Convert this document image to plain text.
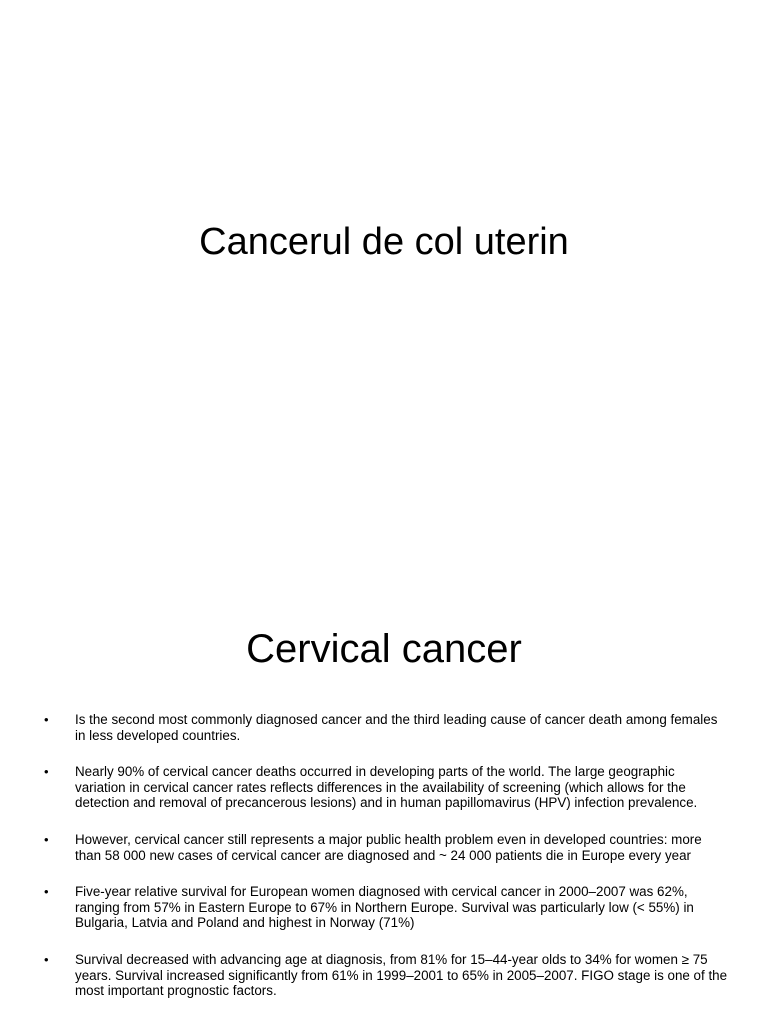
Cancerul de col uterin
Cervical cancer
• Is the second most commonly diagnosed cancer and the third leading cause of cancer death among females in less developed countries.
• Nearly 90% of cervical cancer deaths occurred in developing parts of the world. The large geographic variation in cervical cancer rates reflects differences in the availability of screening (which allows for the detection and removal of precancerous lesions) and in human papillomavirus (HPV) infection prevalence.
• However, cervical cancer still represents a major public health problem even in developed countries: more than 58 000 new cases of cervical cancer are diagnosed and ~ 24 000 patients die in Europe every year
• Five-year relative survival for European women diagnosed with cervical cancer in 2000–2007 was 62%, ranging from 57% in Eastern Europe to 67% in Northern Europe. Survival was particularly low (< 55%) in Bulgaria, Latvia and Poland and highest in Norway (71%)
• Survival decreased with advancing age at diagnosis, from 81% for 15–44-year olds to 34% for women ≥ 75 years. Survival increased significantly from 61% in 1999–2001 to 65% in 2005–2007. FIGO stage is one of the most important prognostic factors.
